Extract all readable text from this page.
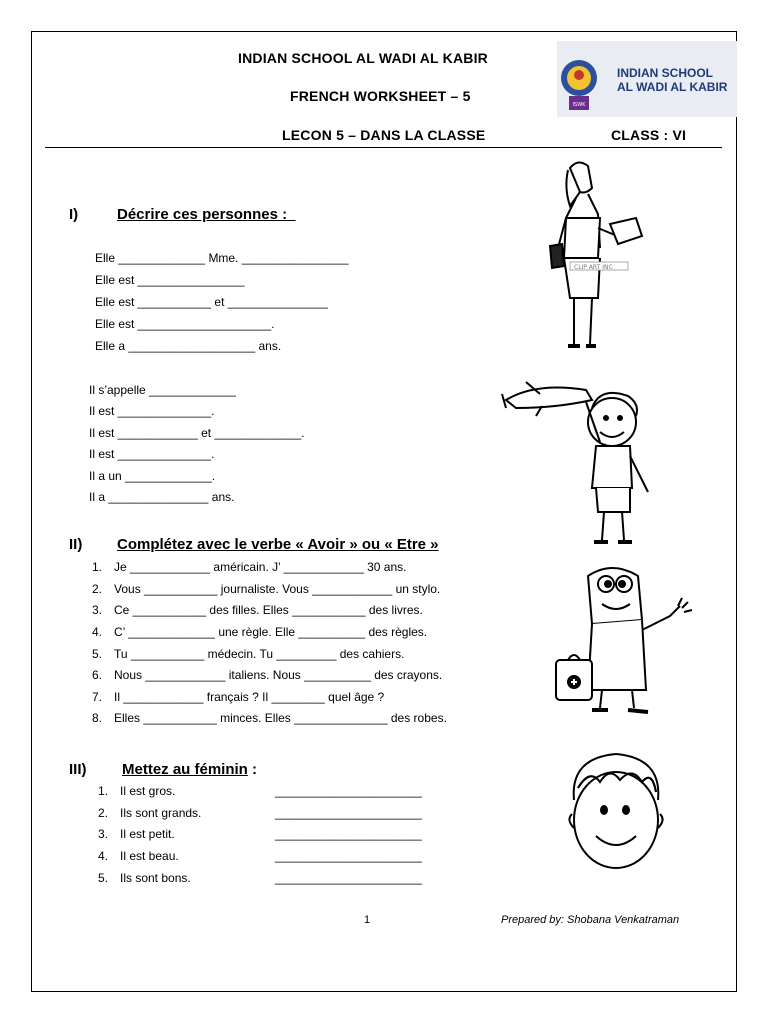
INDIAN SCHOOL AL WADI AL KABIR
FRENCH WORKSHEET – 5
LECON 5 – DANS LA CLASSE	CLASS : VI
ISWK
INDIAN SCHOOL
AL WADI AL KABIR
I)	Décrire ces personnes :_
Elle _____________ Mme. ________________
Elle est ________________
Elle est ___________ et _______________
Elle est ____________________.
Elle a ___________________ ans.
Il s’appelle _____________
Il est ______________.
Il est ____________ et _____________.
Il est ______________.
Il a un _____________.
Il a _______________ ans.
CLIP ART INC
II) Complétez avec le verbe « Avoir » ou « Etre »
1. Je ____________ américain. J’ ____________ 30 ans.
2. Vous ___________ journaliste. Vous ____________ un stylo.
3. Ce ___________ des filles. Elles ___________ des livres.
4. C’ _____________ une règle. Elle __________ des règles.
5. Tu ___________ médecin. Tu _________ des cahiers.
6. Nous ____________ italiens. Nous __________ des crayons.
7. Il ____________ français ? Il ________ quel âge ?
8. Elles ___________ minces. Elles ______________ des robes.
III) Mettez au féminin :
1. Il est gros.	______________________
2. Ils sont grands.	______________________
3. Il est petit.	______________________
4. Il est beau.	______________________
5. Ils sont bons.	______________________
1	Prepared by: Shobana Venkatraman
